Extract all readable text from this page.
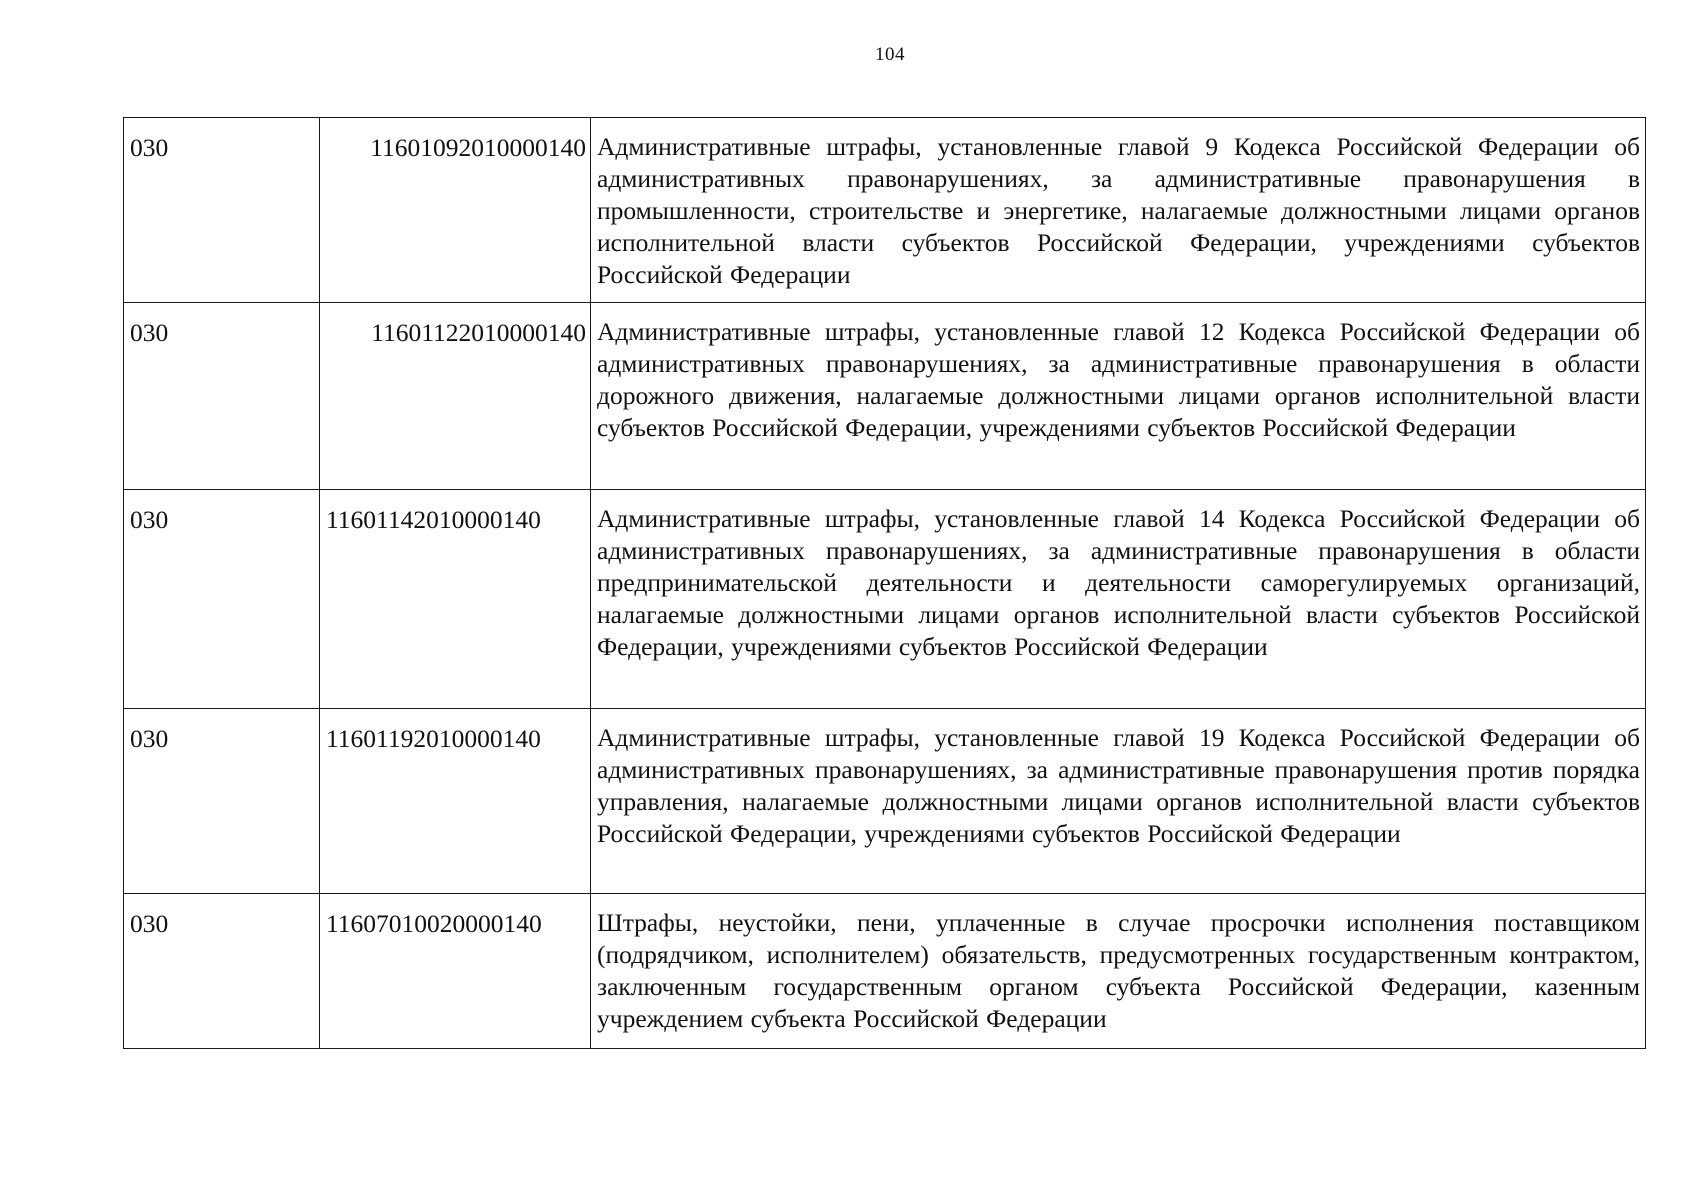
104
030	11601092010000140	Административные штрафы, установленные главой 9 Кодекса Российской Федерации об административных правонарушениях, за административные правонарушения в промышленности, строительстве и энергетике, налагаемые должностными лицами органов исполнительной власти субъектов Российской Федерации, учреждениями субъектов Российской Федерации
030	11601122010000140	Административные штрафы, установленные главой 12 Кодекса Российской Федерации об административных правонарушениях, за административные правонарушения в области дорожного движения, налагаемые должностными лицами органов исполнительной власти субъектов Российской Федерации, учреждениями субъектов Российской Федерации
030	11601142010000140	Административные штрафы, установленные главой 14 Кодекса Российской Федерации об административных правонарушениях, за административные правонарушения в области предпринимательской деятельности и деятельности саморегулируемых организаций, налагаемые должностными лицами органов исполнительной власти субъектов Российской Федерации, учреждениями субъектов Российской Федерации
030	11601192010000140	Административные штрафы, установленные главой 19 Кодекса Российской Федерации об административных правонарушениях, за административные правонарушения против порядка управления, налагаемые должностными лицами органов исполнительной власти субъектов Российской Федерации, учреждениями субъектов Российской Федерации
030	11607010020000140	Штрафы, неустойки, пени, уплаченные в случае просрочки исполнения поставщиком (подрядчиком, исполнителем) обязательств, предусмотренных государственным контрактом, заключенным государственным органом субъекта Российской Федерации, казенным учреждением субъекта Российской Федерации
